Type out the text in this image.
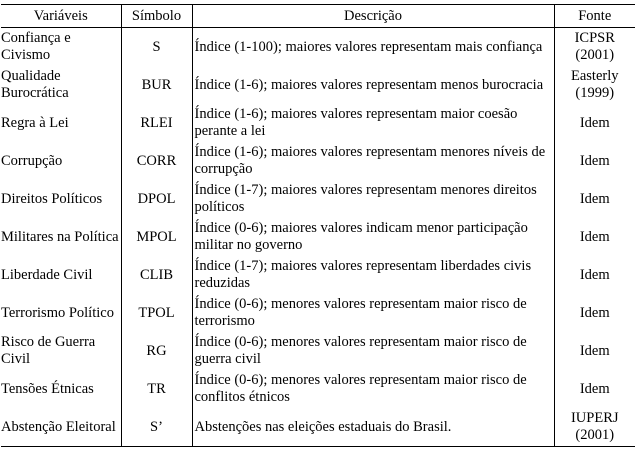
Variáveis	Símbolo	Descrição	Fonte
Confiança e Civismo	S	Índice (1-100); maiores valores representam mais confiança	ICPSR (2001)
Qualidade Burocrática	BUR	Índice (1-6); maiores valores representam menos burocracia	Easterly (1999)
Regra à Lei	RLEI	Índice (1-6); maiores valores representam maior coesão perante a lei	Idem
Corrupção	CORR	Índice (1-6); maiores valores representam menores níveis de corrupção	Idem
Direitos Políticos	DPOL	Índice (1-7); maiores valores representam menores direitos políticos	Idem
Militares na Política	MPOL	Índice (0-6); maiores valores indicam menor participação militar no governo	Idem
Liberdade Civil	CLIB	Índice (1-7); maiores valores representam liberdades civis reduzidas	Idem
Terrorismo Político	TPOL	Índice (0-6); menores valores representam maior risco de terrorismo	Idem
Risco de Guerra Civil	RG	Índice (0-6); menores valores representam maior risco de guerra civil	Idem
Tensões Étnicas	TR	Índice (0-6); menores valores representam maior risco de conflitos étnicos	Idem
Abstenção Eleitoral	S’	Abstenções nas eleições estaduais do Brasil.	IUPERJ (2001)
